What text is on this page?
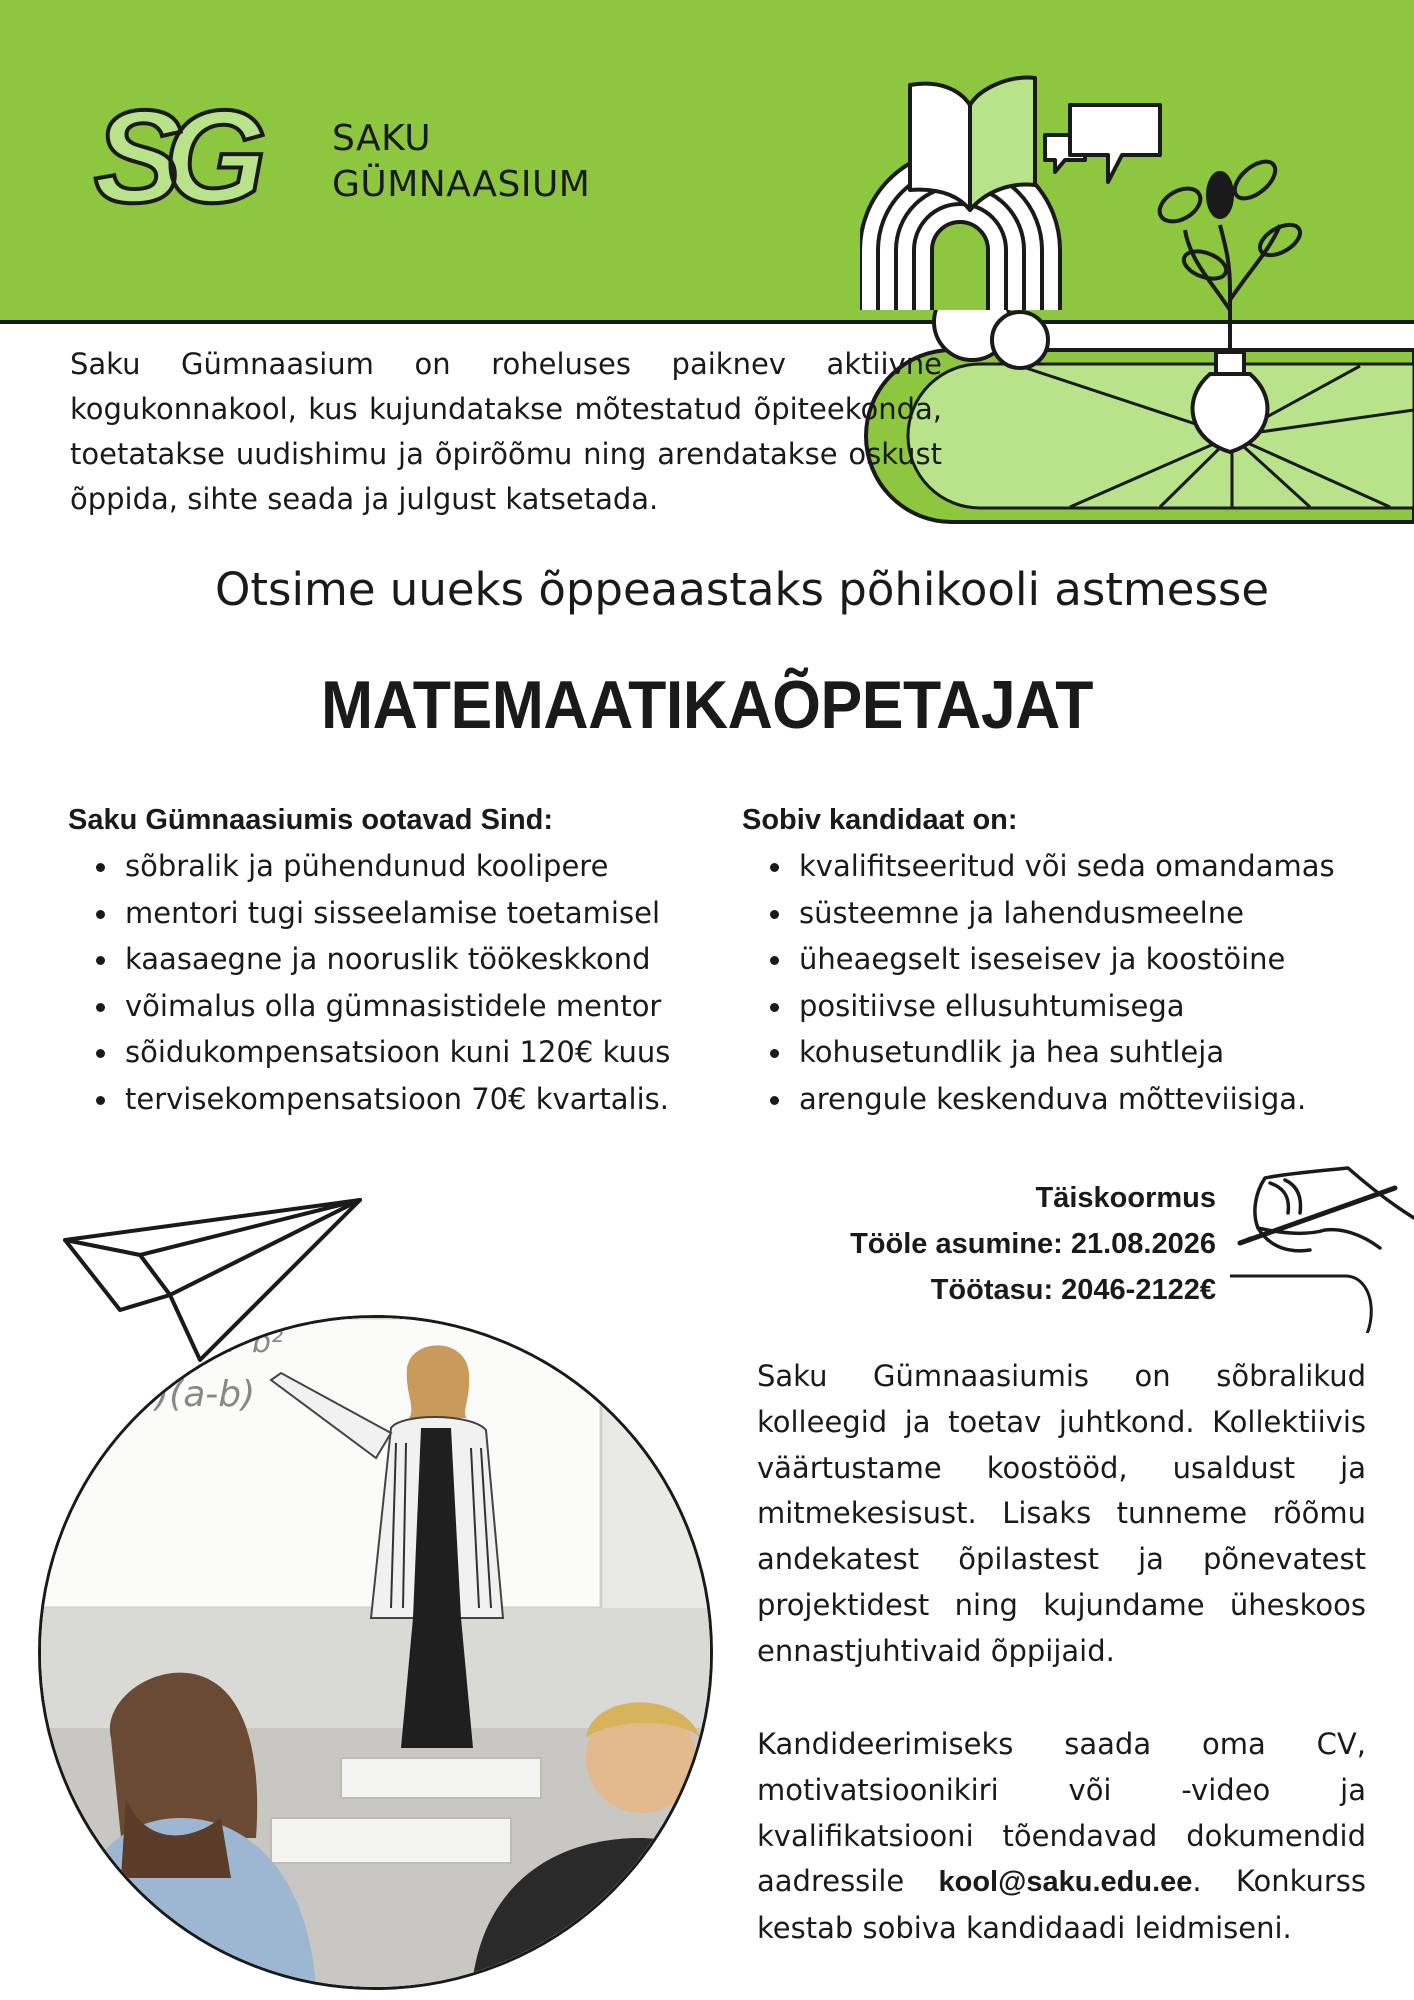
SG	SAKU
GÜMNAASIUM
Saku Gümnaasium on roheluses paiknev aktiivne kogukonnakool, kus kujundatakse mõtestatud õpiteekonda, toetatakse uudishimu ja õpirõõmu ning arendatakse oskust õppida, sihte seada ja julgust katsetada.
Otsime uueks õppeaastaks põhikooli astmesse
MATEMAATIKAÕPETAJAT

Saku Gümnaasiumis ootavad Sind:

sõbralik ja pühendunud koolipere
mentori tugi sisseelamise toetamisel
kaasaegne ja nooruslik töökeskkond
võimalus olla gümnasistidele mentor
sõidukompensatsioon kuni 120€ kuus
tervisekompensatsioon 70€ kvartalis.

Sobiv kandidaat on:

kvalifitseeritud või seda omandamas
süsteemne ja lahendusmeelne
üheaegselt iseseisev ja koostöine
positiivse ellusuhtumisega
kohusetundlik ja hea suhtleja
arengule keskenduva mõtteviisiga.
Täiskoormus
Tööle asumine: 21.08.2026
Töötasu: 2046-2122€
a² - 2ab + b²
(a+b)(a-b)
✻
Saku Gümnaasiumis on sõbralikud kolleegid ja toetav juhtkond. Kollektiivis väärtustame koostööd, usaldust ja mitmekesisust. Lisaks tunneme rõõmu andekatest õpilastest ja põnevatest projektidest ning kujundame üheskoos ennastjuhtivaid õppijaid.
Kandideerimiseks saada oma CV, motivatsioonikiri või -video ja kvalifikatsiooni tõendavad dokumendid aadressile kool@saku.edu.ee. Konkurss kestab sobiva kandidaadi leidmiseni.
